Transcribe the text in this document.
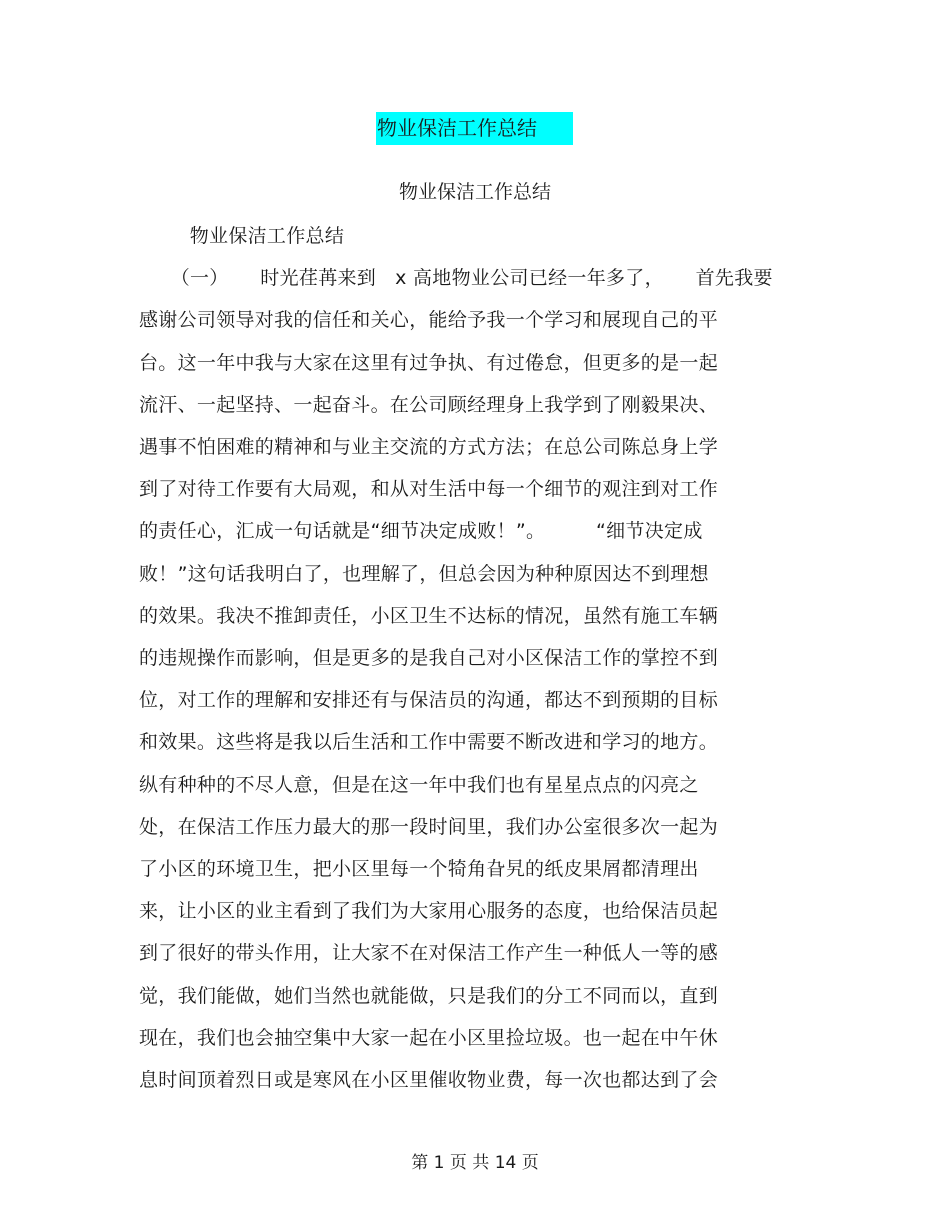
物业保洁工作总结
物业保洁工作总结
物业保洁工作总结
（一）     时光荏苒来到   x 高地物业公司已经一年多了，     首先我要
感谢公司领导对我的信任和关心，能给予我一个学习和展现自己的平
台。这一年中我与大家在这里有过争执、有过倦怠，但更多的是一起
流汗、一起坚持、一起奋斗。在公司顾经理身上我学到了刚毅果决、
遇事不怕困难的精神和与业主交流的方式方法；在总公司陈总身上学
到了对待工作要有大局观，和从对生活中每一个细节的观注到对工作
的责任心，汇成一句话就是“细节决定成败！”。        “细节决定成
败！”这句话我明白了，也理解了，但总会因为种种原因达不到理想
的效果。我决不推卸责任，小区卫生不达标的情况，虽然有施工车辆
的违规操作而影响，但是更多的是我自己对小区保洁工作的掌控不到
位，对工作的理解和安排还有与保洁员的沟通，都达不到预期的目标
和效果。这些将是我以后生活和工作中需要不断改进和学习的地方。
纵有种种的不尽人意，但是在这一年中我们也有星星点点的闪亮之
处，在保洁工作压力最大的那一段时间里，我们办公室很多次一起为
了小区的环境卫生，把小区里每一个犄角旮旯的纸皮果屑都清理出
来，让小区的业主看到了我们为大家用心服务的态度，也给保洁员起
到了很好的带头作用，让大家不在对保洁工作产生一种低人一等的感
觉，我们能做，她们当然也就能做，只是我们的分工不同而以，直到
现在，我们也会抽空集中大家一起在小区里捡垃圾。也一起在中午休
息时间顶着烈日或是寒风在小区里催收物业费，每一次也都达到了会
第 1 页 共 14 页
